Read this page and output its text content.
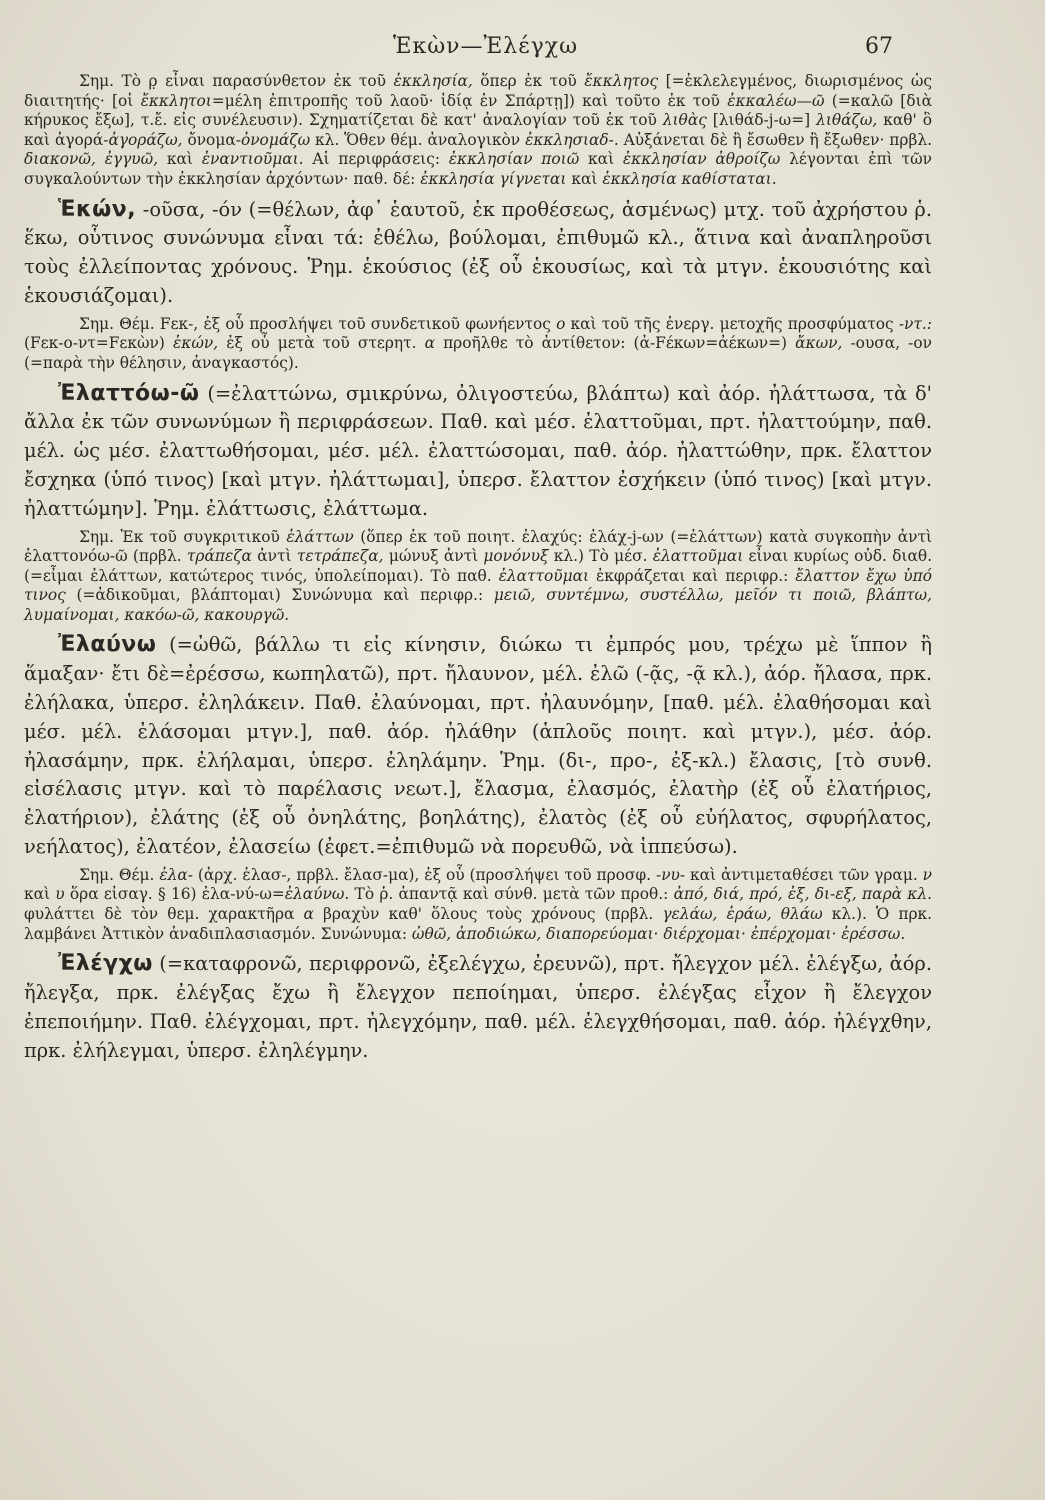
Ἑκὼν—Ἐλέγχω	67

Σημ. Τὸ ρ̣ εἶναι παρασύνθετον ἐκ τοῦ ἐκκλησία, ὅπερ ἐκ τοῦ ἔκκλητος [=ἐκλελεγμένος, διωρισμένος ὡς διαιτητής· [οἱ ἔκκλητοι=μέλη ἐπιτροπῆς τοῦ λαοῦ· ἰδίᾳ ἐν Σπάρτῃ]) καὶ τοῦτο ἐκ τοῦ ἐκκαλέω—ῶ (=καλῶ [διὰ κήρυκος ἔξω], τ.ἔ. εἰς συνέλευσιν). Σχηματίζεται δὲ κατ' ἀναλογίαν τοῦ ἐκ τοῦ λιθὰς [λιθάδ-j-ω=] λιθάζω, καθ' ὃ καὶ ἀγορά-ἀγοράζω, ὄνομα-ὀνομάζω κλ. Ὅθεν θέμ. ἀναλογικὸν ἐκκλησιαδ-. Αὐξάνεται δὲ ἢ ἔσωθεν ἢ ἔξωθεν· πρβλ. διακονῶ, ἐγγυῶ, καὶ ἐναντιοῦμαι. Αἱ περιφράσεις: ἐκκλησίαν ποιῶ καὶ ἐκκλησίαν ἀθροίζω λέγονται ἐπὶ τῶν συγκαλούντων τὴν ἐκκλησίαν ἀρχόντων· παθ. δέ: ἐκκλησία γίγνεται καὶ ἐκκλησία καθίσταται.

Ἑκών, -οῦσα, -όν (=θέλων, ἀφ᾽ ἑαυτοῦ, ἐκ προθέσεως, ἀσμένως) μτχ. τοῦ ἀχρήστου ῥ. ἕκω, οὗτινος συνώνυμα εἶναι τά: ἐθέλω, βούλομαι, ἐπιθυμῶ κλ., ἅτινα καὶ ἀναπληροῦσι τοὺς ἐλλείποντας χρόνους. Ῥημ. ἑκούσιος (ἐξ οὗ ἑκουσίως, καὶ τὰ μτγν. ἑκουσιότης καὶ ἑκουσιάζομαι).

Σημ. Θέμ. Fεκ-, ἐξ οὗ προσλήψει τοῦ συνδετικοῦ φωνήεντος ο καὶ τοῦ τῆς ἐνεργ. μετοχῆς προσφύματος -ντ.: (Fεκ-ο-ντ=Fεκὼν) ἑκών, ἐξ οὗ μετὰ τοῦ στερητ. α προῆλθε τὸ ἀντίθετον: (ἀ-Fέκων=ἀέκων=) ἄκων, -ουσα, -ον (=παρὰ τὴν θέλησιν, ἀναγκαστός).

Ἐλαττόω-ῶ (=ἐλαττώνω, σμικρύνω, ὀλιγοστεύω, βλάπτω) καὶ ἀόρ. ἠλάττωσα, τὰ δ' ἄλλα ἐκ τῶν συνωνύμων ἢ περιφράσεων. Παθ. καὶ μέσ. ἐλαττοῦμαι, πρτ. ἠλαττούμην, παθ. μέλ. ὡς μέσ. ἐλαττωθήσομαι, μέσ. μέλ. ἐλαττώσομαι, παθ. ἀόρ. ἠλαττώθην, πρκ. ἔλαττον ἔσχηκα (ὑπό τινος) [καὶ μτγν. ἠλάττωμαι], ὑπερσ. ἔλαττον ἐσχήκειν (ὑπό τινος) [καὶ μτγν. ἠλαττώμην]. Ῥημ. ἐλάττωσις, ἐλάττωμα.

Σημ. Ἐκ τοῦ συγκριτικοῦ ἐλάττων (ὅπερ ἐκ τοῦ ποιητ. ἐλαχύς: ἐλάχ-j-ων (=ἐλάττων) κατὰ συγκοπὴν ἀντὶ ἐλαττονόω-ῶ (πρβλ. τράπεζα ἀντὶ τετράπεζα, μώνυξ ἀντὶ μονόνυξ κλ.) Τὸ μέσ. ἐλαττοῦμαι εἶναι κυρίως οὐδ. διαθ. (=εἶμαι ἐλάττων, κατώτερος τινός, ὑπολείπομαι). Τὸ παθ. ἐλαττοῦμαι ἐκφράζεται καὶ περιφρ.: ἔλαττον ἔχω ὑπό τινος (=ἀδικοῦμαι, βλάπτομαι) Συνώνυμα καὶ περιφρ.: μειῶ, συντέμνω, συστέλλω, μεῖόν τι ποιῶ, βλάπτω, λυμαίνομαι, κακόω-ῶ, κακουργῶ.

Ἐλαύνω (=ὠθῶ, βάλλω τι εἰς κίνησιν, διώκω τι ἐμπρός μου, τρέχω μὲ ἵππον ἢ ἅμαξαν· ἔτι δὲ=ἐρέσσω, κωπηλατῶ), πρτ. ἤλαυνον, μέλ. ἐλῶ (-ᾷς, -ᾷ κλ.), ἀόρ. ἤλασα, πρκ. ἐλήλακα, ὑπερσ. ἐληλάκειν. Παθ. ἐλαύνομαι, πρτ. ἠλαυνόμην, [παθ. μέλ. ἐλαθήσομαι καὶ μέσ. μέλ. ἐλάσομαι μτγν.], παθ. ἀόρ. ἠλάθην (ἁπλοῦς ποιητ. καὶ μτγν.), μέσ. ἀόρ. ἠλασάμην, πρκ. ἐλήλαμαι, ὑπερσ. ἐληλάμην. Ῥημ. (δι-, προ-, ἐξ-κλ.) ἔλασις, [τὸ συνθ. εἰσέλασις μτγν. καὶ τὸ παρέλασις νεωτ.], ἔλασμα, ἐλασμός, ἐλατὴρ (ἐξ οὗ ἐλατήριος, ἐλατήριον), ἐλάτης (ἐξ οὗ ὀνηλάτης, βοηλάτης), ἐλατὸς (ἐξ οὗ εὐήλατος, σφυρήλατος, νεήλατος), ἐλατέον, ἐλασείω (ἐφετ.=ἐπιθυμῶ νὰ πορευθῶ, νὰ ἱππεύσω).

Σημ. Θέμ. ἐλα- (ἀρχ. ἐλασ-, πρβλ. ἔλασ-μα), ἐξ οὗ (προσλήψει τοῦ προσφ. -νυ- καὶ ἀντιμεταθέσει τῶν γραμ. ν καὶ υ ὅρα εἰσαγ. § 16) ἐλα-νύ-ω=ἐλαύνω. Τὸ ῥ. ἀπαντᾷ καὶ σύνθ. μετὰ τῶν προθ.: ἀπό, διά, πρό, ἐξ, δι-εξ, παρὰ κλ. φυλάττει δὲ τὸν θεμ. χαρακτῆρα α βραχὺν καθ' ὅλους τοὺς χρόνους (πρβλ. γελάω, ἐράω, θλάω κλ.). Ὁ πρκ. λαμβάνει Ἀττικὸν ἀναδιπλασιασμόν. Συνώνυμα: ὠθῶ, ἀποδιώκω, διαπορεύομαι· διέρχομαι· ἐπέρχομαι· ἐρέσσω.

Ἐλέγχω (=καταφρονῶ, περιφρονῶ, ἐξελέγχω, ἐρευνῶ), πρτ. ἤλεγχον μέλ. ἐλέγξω, ἀόρ. ἤλεγξα, πρκ. ἐλέγξας ἔχω ἢ ἔλεγχον πεποίημαι, ὑπερσ. ἐλέγξας εἶχον ἢ ἔλεγχον ἐπεποιήμην. Παθ. ἐλέγχομαι, πρτ. ἠλεγχόμην, παθ. μέλ. ἐλεγχθήσομαι, παθ. ἀόρ. ἠλέγχθην, πρκ. ἐλήλεγμαι, ὑπερσ. ἐληλέγμην.
